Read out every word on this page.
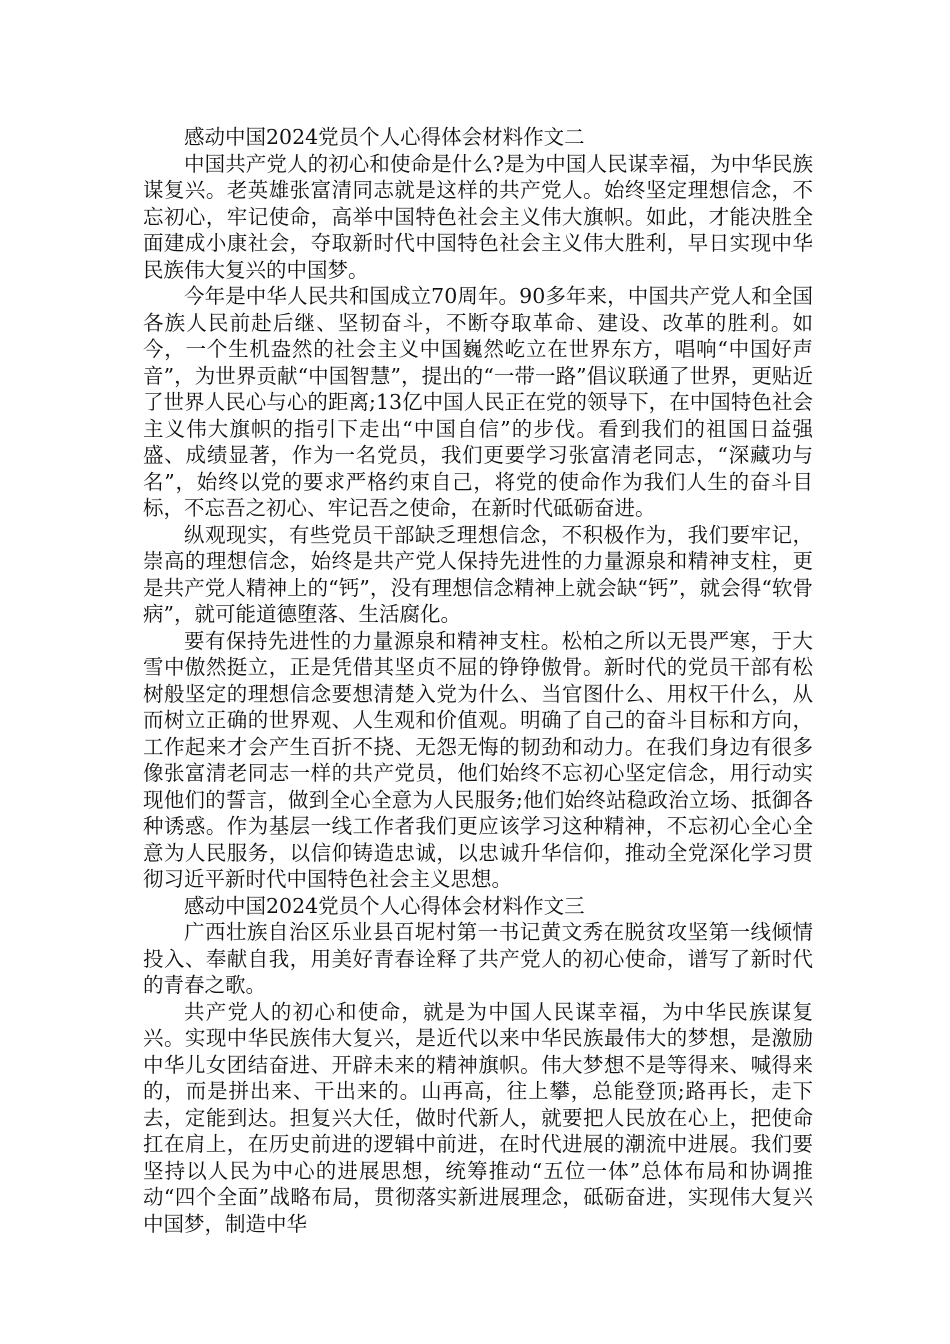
感动中国2024党员个人心得体会材料作文二

中国共产党人的初心和使命是什么?是为中国人民谋幸福，为中华民族谋复兴。老英雄张富清同志就是这样的共产党人。始终坚定理想信念，不忘初心，牢记使命，高举中国特色社会主义伟大旗帜。如此，才能决胜全面建成小康社会，夺取新时代中国特色社会主义伟大胜利，早日实现中华民族伟大复兴的中国梦。

今年是中华人民共和国成立70周年。90多年来，中国共产党人和全国各族人民前赴后继、坚韧奋斗，不断夺取革命、建设、改革的胜利。如今，一个生机盎然的社会主义中国巍然屹立在世界东方，唱响“中国好声音”，为世界贡献“中国智慧”，提出的“一带一路”倡议联通了世界，更贴近了世界人民心与心的距离;13亿中国人民正在党的领导下，在中国特色社会主义伟大旗帜的指引下走出“中国自信”的步伐。看到我们的祖国日益强盛、成绩显著，作为一名党员，我们更要学习张富清老同志，“深藏功与名”，始终以党的要求严格约束自己，将党的使命作为我们人生的奋斗目标，不忘吾之初心、牢记吾之使命，在新时代砥砺奋进。

纵观现实，有些党员干部缺乏理想信念，不积极作为，我们要牢记，崇高的理想信念，始终是共产党人保持先进性的力量源泉和精神支柱，更是共产党人精神上的“钙”，没有理想信念精神上就会缺“钙”，就会得“软骨病”，就可能道德堕落、生活腐化。

要有保持先进性的力量源泉和精神支柱。松柏之所以无畏严寒，于大雪中傲然挺立，正是凭借其坚贞不屈的铮铮傲骨。新时代的党员干部有松树般坚定的理想信念要想清楚入党为什么、当官图什么、用权干什么，从而树立正确的世界观、人生观和价值观。明确了自己的奋斗目标和方向，工作起来才会产生百折不挠、无怨无悔的韧劲和动力。在我们身边有很多像张富清老同志一样的共产党员，他们始终不忘初心坚定信念，用行动实现他们的誓言，做到全心全意为人民服务;他们始终站稳政治立场、抵御各种诱惑。作为基层一线工作者我们更应该学习这种精神，不忘初心全心全意为人民服务，以信仰铸造忠诚，以忠诚升华信仰，推动全党深化学习贯彻习近平新时代中国特色社会主义思想。

感动中国2024党员个人心得体会材料作文三

广西壮族自治区乐业县百坭村第一书记黄文秀在脱贫攻坚第一线倾情投入、奉献自我，用美好青春诠释了共产党人的初心使命，谱写了新时代的青春之歌。

共产党人的初心和使命，就是为中国人民谋幸福，为中华民族谋复兴。实现中华民族伟大复兴，是近代以来中华民族最伟大的梦想，是激励中华儿女团结奋进、开辟未来的精神旗帜。伟大梦想不是等得来、喊得来的，而是拼出来、干出来的。山再高，往上攀，总能登顶;路再长，走下去，定能到达。担复兴大任，做时代新人，就要把人民放在心上，把使命扛在肩上，在历史前进的逻辑中前进，在时代进展的潮流中进展。我们要坚持以人民为中心的进展思想，统筹推动“五位一体”总体布局和协调推动“四个全面”战略布局，贯彻落实新进展理念，砥砺奋进，实现伟大复兴中国梦，制造中华
